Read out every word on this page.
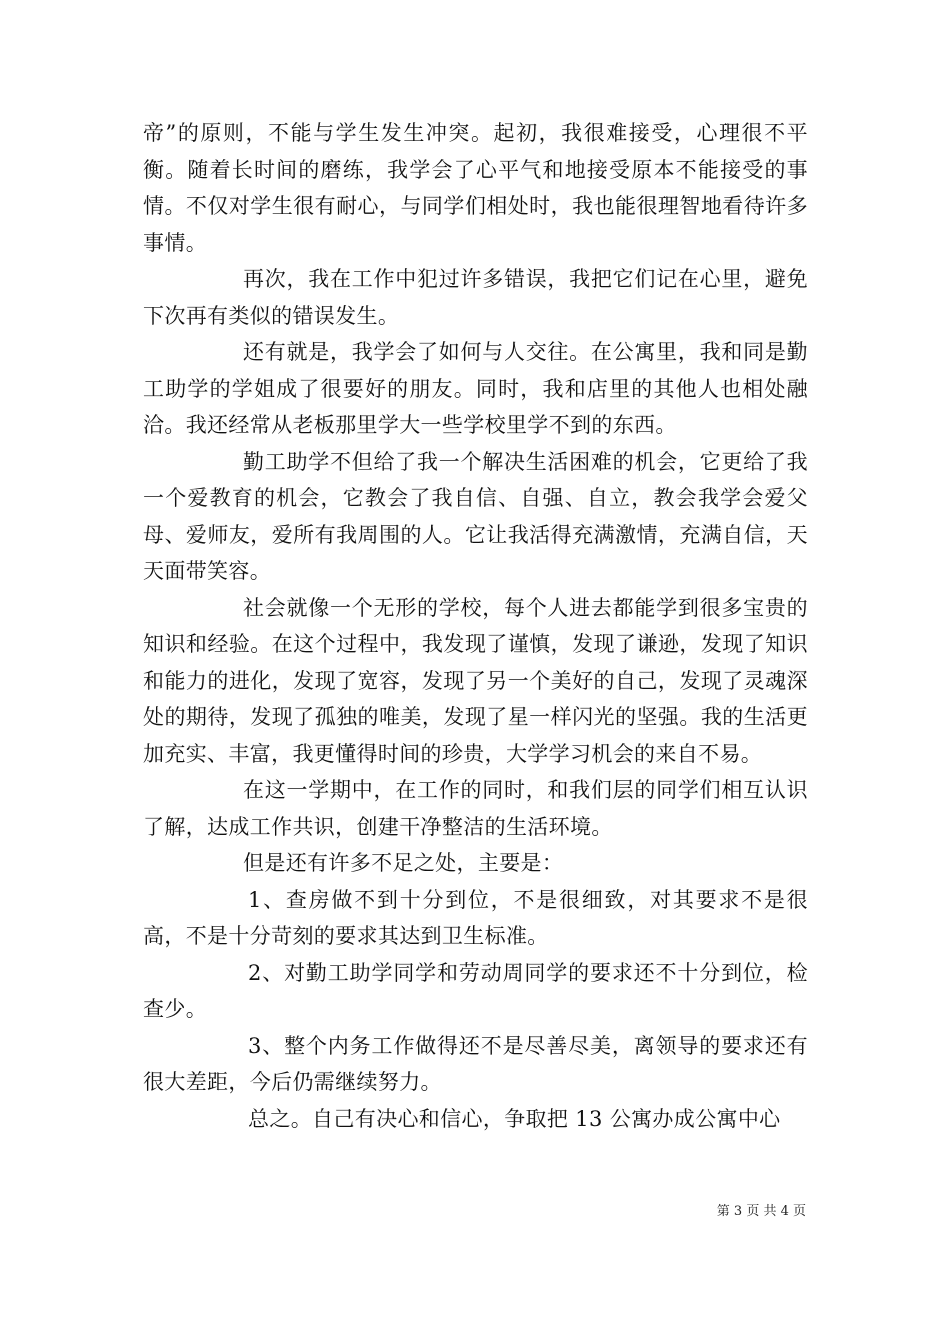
帝”的原则，不能与学生发生冲突。起初，我很难接受，心理很不平衡。随着长时间的磨练，我学会了心平气和地接受原本不能接受的事情。不仅对学生很有耐心，与同学们相处时，我也能很理智地看待许多事情。

再次，我在工作中犯过许多错误，我把它们记在心里，避免下次再有类似的错误发生。

还有就是，我学会了如何与人交往。在公寓里，我和同是勤工助学的学姐成了很要好的朋友。同时，我和店里的其他人也相处融洽。我还经常从老板那里学大一些学校里学不到的东西。

勤工助学不但给了我一个解决生活困难的机会，它更给了我一个爱教育的机会，它教会了我自信、自强、自立，教会我学会爱父母、爱师友，爱所有我周围的人。它让我活得充满激情，充满自信，天天面带笑容。

社会就像一个无形的学校，每个人进去都能学到很多宝贵的知识和经验。在这个过程中，我发现了谨慎，发现了谦逊，发现了知识和能力的进化，发现了宽容，发现了另一个美好的自己，发现了灵魂深处的期待，发现了孤独的唯美，发现了星一样闪光的坚强。我的生活更加充实、丰富，我更懂得时间的珍贵，大学学习机会的来自不易。

在这一学期中，在工作的同时，和我们层的同学们相互认识了解，达成工作共识，创建干净整洁的生活环境。

但是还有许多不足之处，主要是：

1、查房做不到十分到位，不是很细致，对其要求不是很高，不是十分苛刻的要求其达到卫生标准。

2、对勤工助学同学和劳动周同学的要求还不十分到位，检查少。

3、整个内务工作做得还不是尽善尽美，离领导的要求还有很大差距，今后仍需继续努力。

总之。自己有决心和信心，争取把 13 公寓办成公寓中心

第 3 页 共 4 页
